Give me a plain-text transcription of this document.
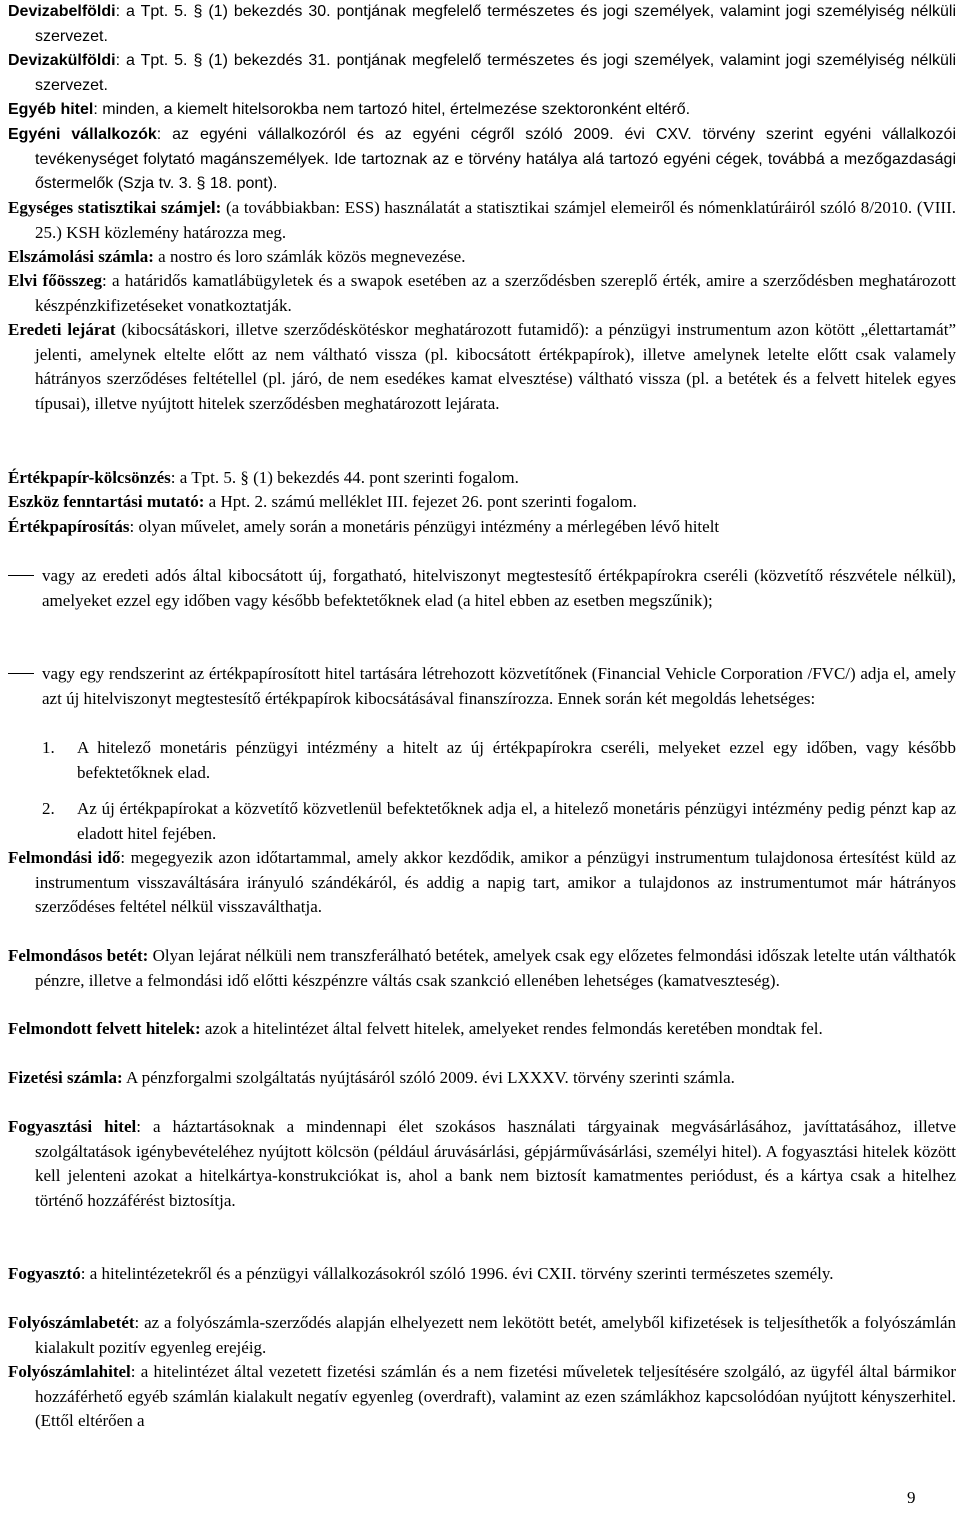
Devizabelföldi: a Tpt. 5. § (1) bekezdés 30. pontjának megfelelő természetes és jogi személyek, valamint jogi személyiség nélküli szervezet.
Devizakülföldi: a Tpt. 5. § (1) bekezdés 31. pontjának megfelelő természetes és jogi személyek, valamint jogi személyiség nélküli szervezet.
Egyéb hitel: minden, a kiemelt hitelsorokba nem tartozó hitel, értelmezése szektoronként eltérő.
Egyéni vállalkozók: az egyéni vállalkozóról és az egyéni cégről szóló 2009. évi CXV. törvény szerint egyéni vállalkozói tevékenységet folytató magánszemélyek. Ide tartoznak az e törvény hatálya alá tartozó egyéni cégek, továbbá a mezőgazdasági őstermelők (Szja tv. 3. § 18. pont).
Egységes statisztikai számjel: (a továbbiakban: ESS) használatát a statisztikai számjel elemeiről és nómenklatúráiról szóló 8/2010. (VIII. 25.) KSH közlemény határozza meg.
Elszámolási számla: a nostro és loro számlák közös megnevezése.
Elvi főösszeg: a határidős kamatlábügyletek és a swapok esetében az a szerződésben szereplő érték, amire a szerződésben meghatározott készpénzkifizetéseket vonatkoztatják.
Eredeti lejárat (kibocsátáskori, illetve szerződéskötéskor meghatározott futamidő): a pénzügyi instrumentum azon kötött „élettartamát” jelenti, amelynek eltelte előtt az nem váltható vissza (pl. kibocsátott értékpapírok), illetve amelynek letelte előtt csak valamely hátrányos szerződéses feltétellel (pl. járó, de nem esedékes kamat elvesztése) váltható vissza (pl. a betétek és a felvett hitelek egyes típusai), illetve nyújtott hitelek szerződésben meghatározott lejárata.
Értékpapír-kölcsönzés: a Tpt. 5. § (1) bekezdés 44. pont szerinti fogalom.
Eszköz fenntartási mutató: a Hpt. 2. számú melléklet III. fejezet 26. pont szerinti fogalom.
Értékpapírosítás: olyan művelet, amely során a monetáris pénzügyi intézmény a mérlegében lévő hitelt
vagy az eredeti adós által kibocsátott új, forgatható, hitelviszonyt megtestesítő értékpapírokra cseréli (közvetítő részvétele nélkül), amelyeket ezzel egy időben vagy később befektetőknek elad (a hitel ebben az esetben megszűnik);
vagy egy rendszerint az értékpapírosított hitel tartására létrehozott közvetítőnek (Financial Vehicle Corporation /FVC/) adja el, amely azt új hitelviszonyt megtestesítő értékpapírok kibocsátásával finanszírozza. Ennek során két megoldás lehetséges:
1.	A hitelező monetáris pénzügyi intézmény a hitelt az új értékpapírokra cseréli, melyeket ezzel egy időben, vagy később befektetőknek elad.
2.	Az új értékpapírokat a közvetítő közvetlenül befektetőknek adja el, a hitelező monetáris pénzügyi intézmény pedig pénzt kap az eladott hitel fejében.
Felmondási idő: megegyezik azon időtartammal, amely akkor kezdődik, amikor a pénzügyi instrumentum tulajdonosa értesítést küld az instrumentum visszaváltására irányuló szándékáról, és addig a napig tart, amikor a tulajdonos az instrumentumot már hátrányos szerződéses feltétel nélkül visszaválthatja.
Felmondásos betét: Olyan lejárat nélküli nem transzferálható betétek, amelyek csak egy előzetes felmondási időszak letelte után válthatók pénzre, illetve a felmondási idő előtti készpénzre váltás csak szankció ellenében lehetséges (kamatveszteség).
Felmondott felvett hitelek: azok a hitelintézet által felvett hitelek, amelyeket rendes felmondás keretében mondtak fel.
Fizetési számla: A pénzforgalmi szolgáltatás nyújtásáról szóló 2009. évi LXXXV. törvény szerinti számla.
Fogyasztási hitel: a háztartásoknak a mindennapi élet szokásos használati tárgyainak megvásárlásához, javíttatásához, illetve szolgáltatások igénybevételéhez nyújtott kölcsön (például áruvásárlási, gépjárművásárlási, személyi hitel). A fogyasztási hitelek között kell jelenteni azokat a hitelkártya-konstrukciókat is, ahol a bank nem biztosít kamatmentes periódust, és a kártya csak a hitelhez történő hozzáférést biztosítja.
Fogyasztó: a hitelintézetekről és a pénzügyi vállalkozásokról szóló 1996. évi CXII. törvény szerinti természetes személy.
Folyószámlabetét: az a folyószámla-szerződés alapján elhelyezett nem lekötött betét, amelyből kifizetések is teljesíthetők a folyószámlán kialakult pozitív egyenleg erejéig.
Folyószámlahitel: a hitelintézet által vezetett fizetési számlán és a nem fizetési műveletek teljesítésére szolgáló, az ügyfél által bármikor hozzáférhető egyéb számlán kialakult negatív egyenleg (overdraft), valamint az ezen számlákhoz kapcsolódóan nyújtott kényszerhitel. (Ettől eltérően a
9
